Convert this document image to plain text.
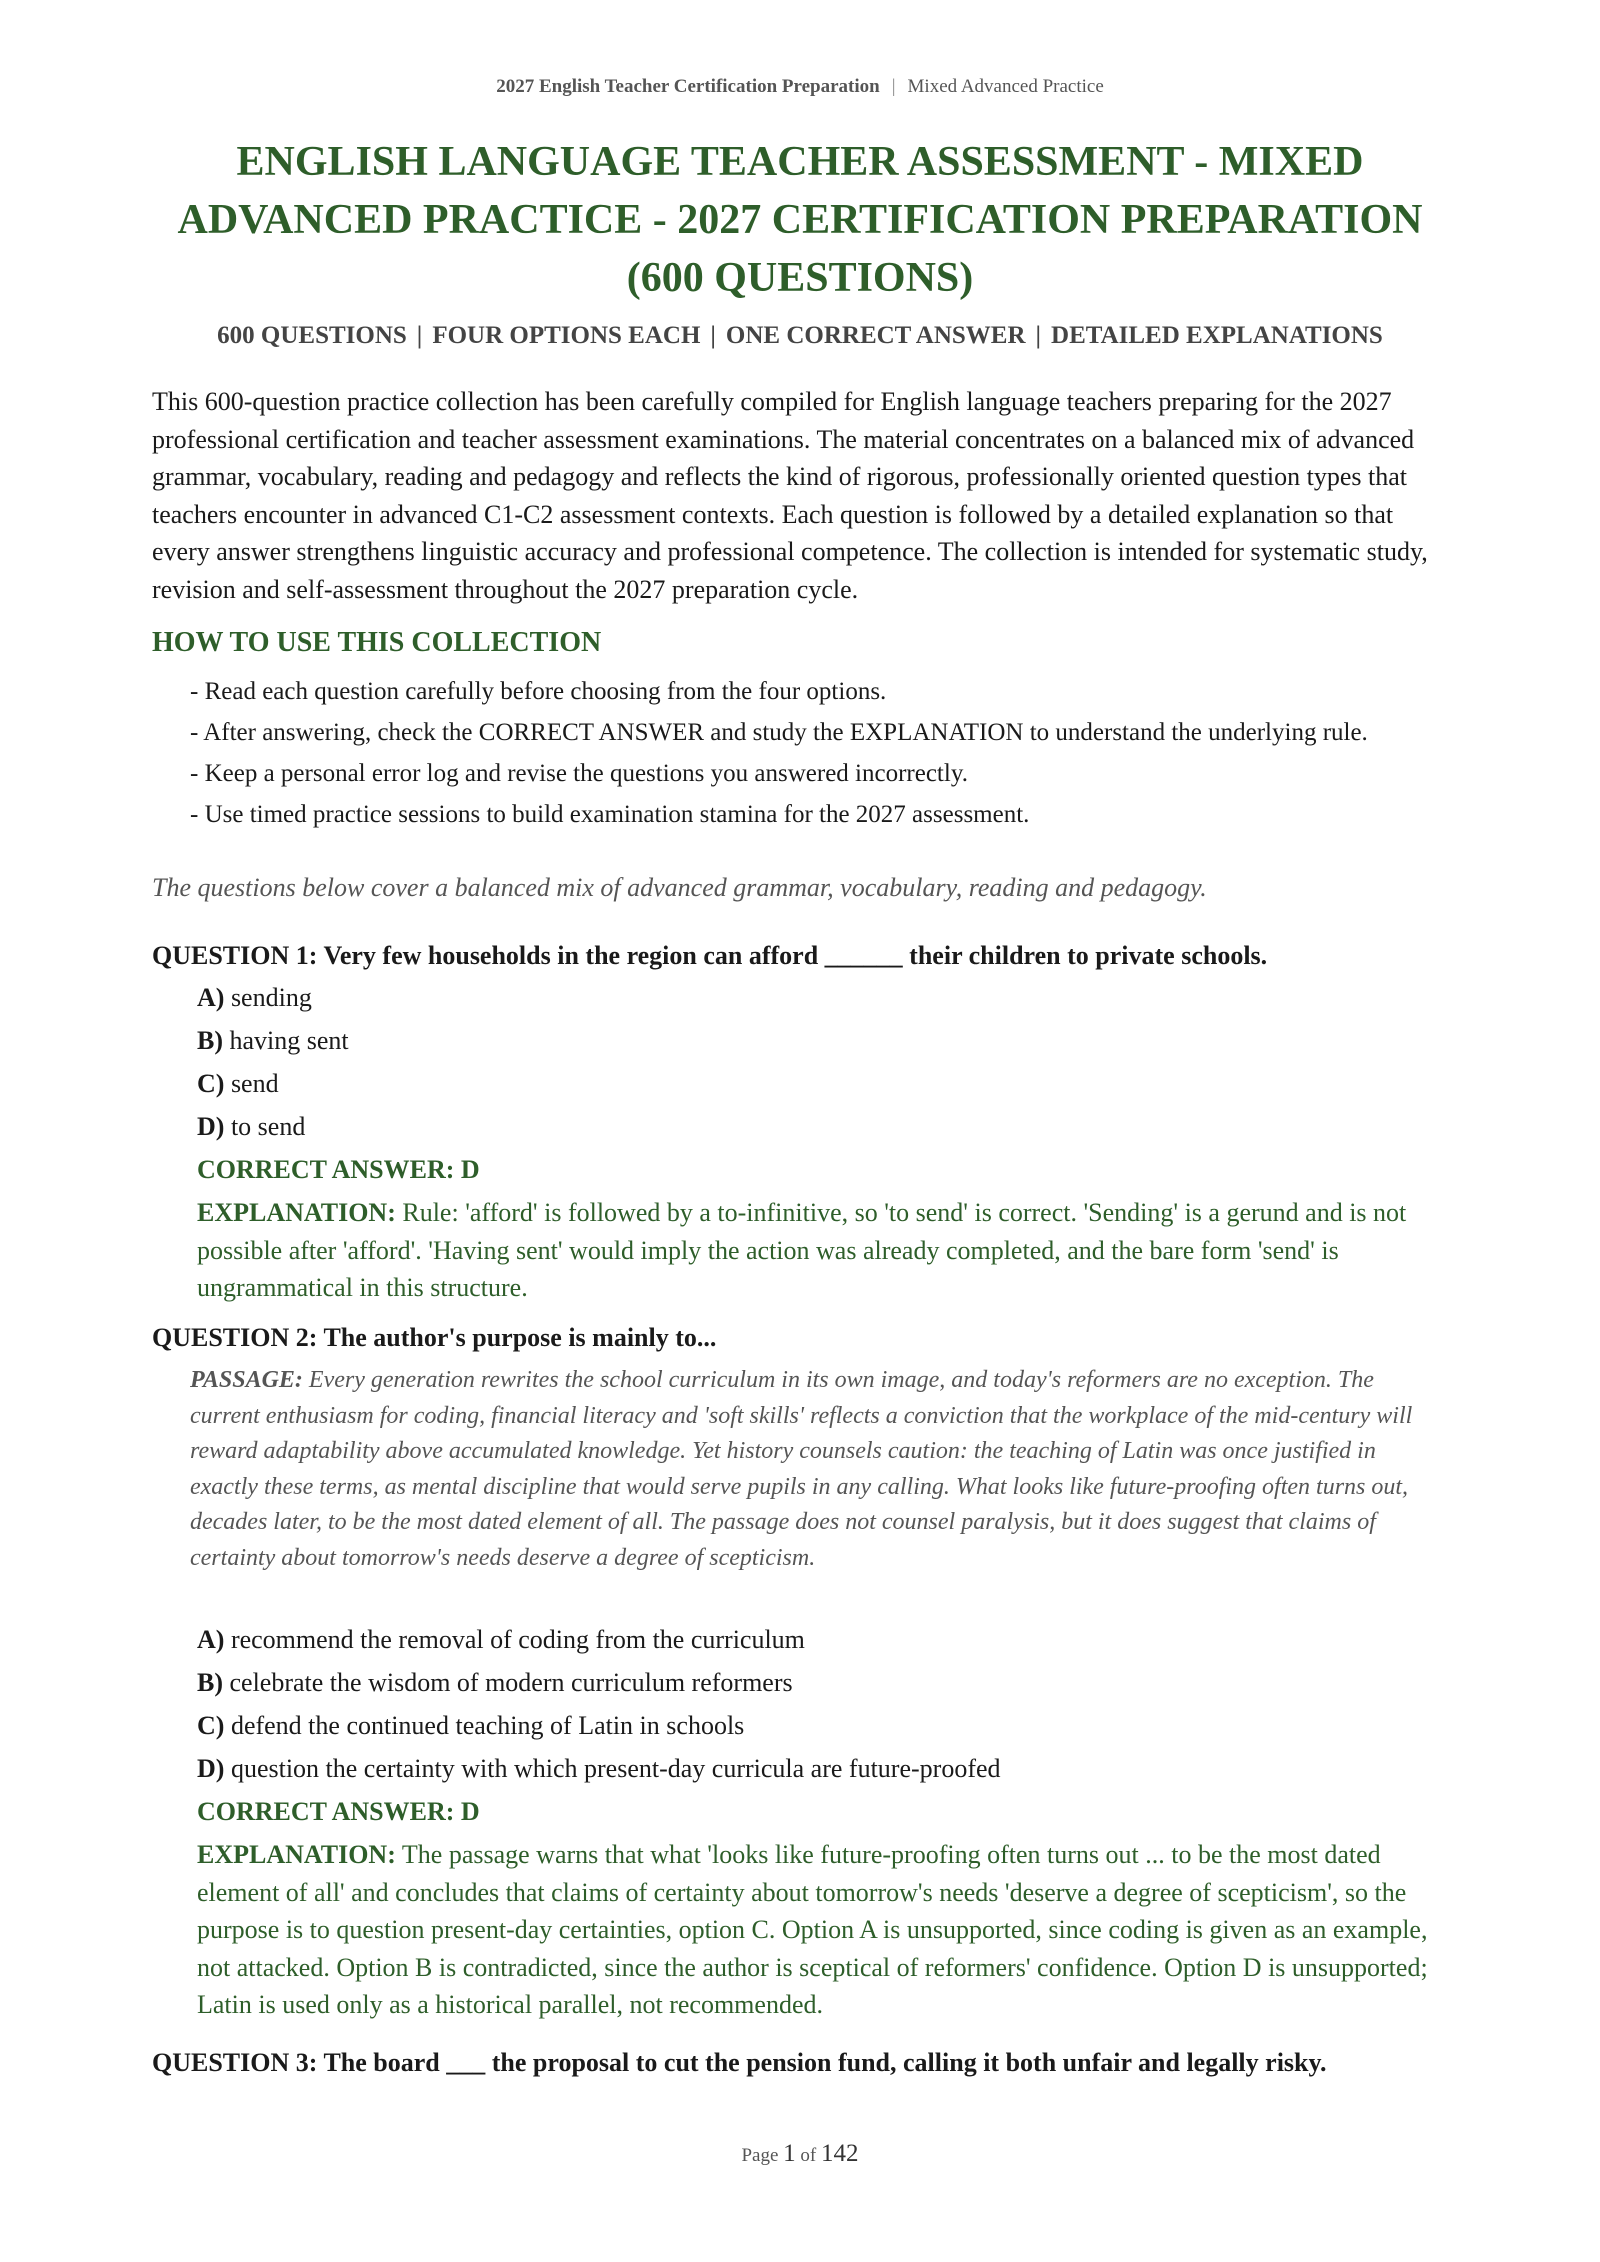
2027 English Teacher Certification Preparation | Mixed Advanced Practice
ENGLISH LANGUAGE TEACHER ASSESSMENT - MIXED ADVANCED PRACTICE - 2027 CERTIFICATION PREPARATION (600 QUESTIONS)
600 QUESTIONS | FOUR OPTIONS EACH | ONE CORRECT ANSWER | DETAILED EXPLANATIONS

This 600-question practice collection has been carefully compiled for English language teachers preparing for the 2027 professional certification and teacher assessment examinations. The material concentrates on a balanced mix of advanced grammar, vocabulary, reading and pedagogy and reflects the kind of rigorous, professionally oriented question types that teachers encounter in advanced C1-C2 assessment contexts. Each question is followed by a detailed explanation so that every answer strengthens linguistic accuracy and professional competence. The collection is intended for systematic study, revision and self-assessment throughout the 2027 preparation cycle.

HOW TO USE THIS COLLECTION
- Read each question carefully before choosing from the four options.
- After answering, check the CORRECT ANSWER and study the EXPLANATION to understand the underlying rule.
- Keep a personal error log and revise the questions you answered incorrectly.
- Use timed practice sessions to build examination stamina for the 2027 assessment.
The questions below cover a balanced mix of advanced grammar, vocabulary, reading and pedagogy.

QUESTION 1: Very few households in the region can afford ______ their children to private schools.

A) sending
B) having sent
C) send
D) to send
CORRECT ANSWER: D

EXPLANATION: Rule: 'afford' is followed by a to-infinitive, so 'to send' is correct. 'Sending' is a gerund and is not possible after 'afford'. 'Having sent' would imply the action was already completed, and the bare form 'send' is ungrammatical in this structure.

QUESTION 2: The author's purpose is mainly to...

PASSAGE: Every generation rewrites the school curriculum in its own image, and today's reformers are no exception. The current enthusiasm for coding, financial literacy and 'soft skills' reflects a conviction that the workplace of the mid-century will reward adaptability above accumulated knowledge. Yet history counsels caution: the teaching of Latin was once justified in exactly these terms, as mental discipline that would serve pupils in any calling. What looks like future-proofing often turns out, decades later, to be the most dated element of all. The passage does not counsel paralysis, but it does suggest that claims of certainty about tomorrow's needs deserve a degree of scepticism.

A) recommend the removal of coding from the curriculum
B) celebrate the wisdom of modern curriculum reformers
C) defend the continued teaching of Latin in schools
D) question the certainty with which present-day curricula are future-proofed
CORRECT ANSWER: D

EXPLANATION: The passage warns that what 'looks like future-proofing often turns out ... to be the most dated element of all' and concludes that claims of certainty about tomorrow's needs 'deserve a degree of scepticism', so the purpose is to question present-day certainties, option C. Option A is unsupported, since coding is given as an example, not attacked. Option B is contradicted, since the author is sceptical of reformers' confidence. Option D is unsupported; Latin is used only as a historical parallel, not recommended.

QUESTION 3: The board ___ the proposal to cut the pension fund, calling it both unfair and legally risky.

Page 1 of 142
